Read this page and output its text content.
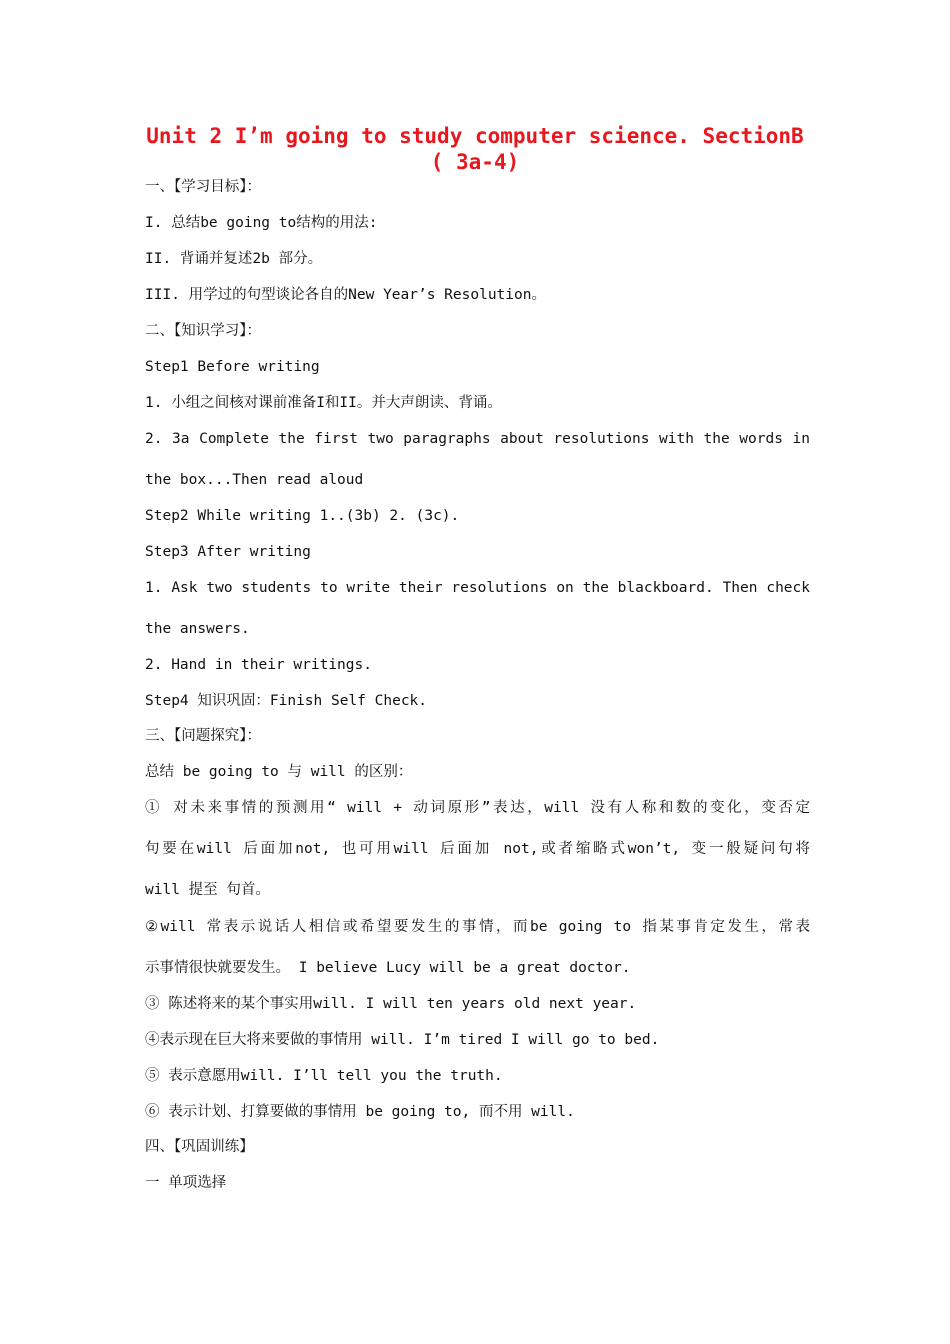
Unit 2 I’m going to study computer science. SectionB ( 3a-4)
一、【学习目标】：
I. 总结be going to结构的用法:
II. 背诵并复述2b 部分。
III. 用学过的句型谈论各自的New Year’s Resolution。
二、【知识学习】：
Step1 Before writing
1. 小组之间核对课前准备I和II。并大声朗读、背诵。
2. 3a Complete the first two paragraphs about resolutions with the words in
the box...Then read aloud
Step2 While writing 1..(3b) 2. (3c).
Step3 After writing
1. Ask two students to write their resolutions on the blackboard. Then check
the answers.
2. Hand in their writings.
Step4 知识巩固：Finish Self Check.
三、【问题探究】：
总结 be going to 与 will 的区别：
① 对未来事情的预测用“ will + 动词原形”表达，will 没有人称和数的变化，变否定
句要在will 后面加not, 也可用will 后面加 not,或者缩略式won’t, 变一般疑问句将
will 提至 句首。
②will 常表示说话人相信或希望要发生的事情，而be going to 指某事肯定发生，常表
示事情很快就要发生。 I believe Lucy will be a great doctor.
③ 陈述将来的某个事实用will. I will ten years old next year.
④表示现在巨大将来要做的事情用 will. I’m tired I will go to bed.
⑤ 表示意愿用will. I’ll tell you the truth.
⑥ 表示计划、打算要做的事情用 be going to, 而不用 will.
四、【巩固训练】
一 单项选择
